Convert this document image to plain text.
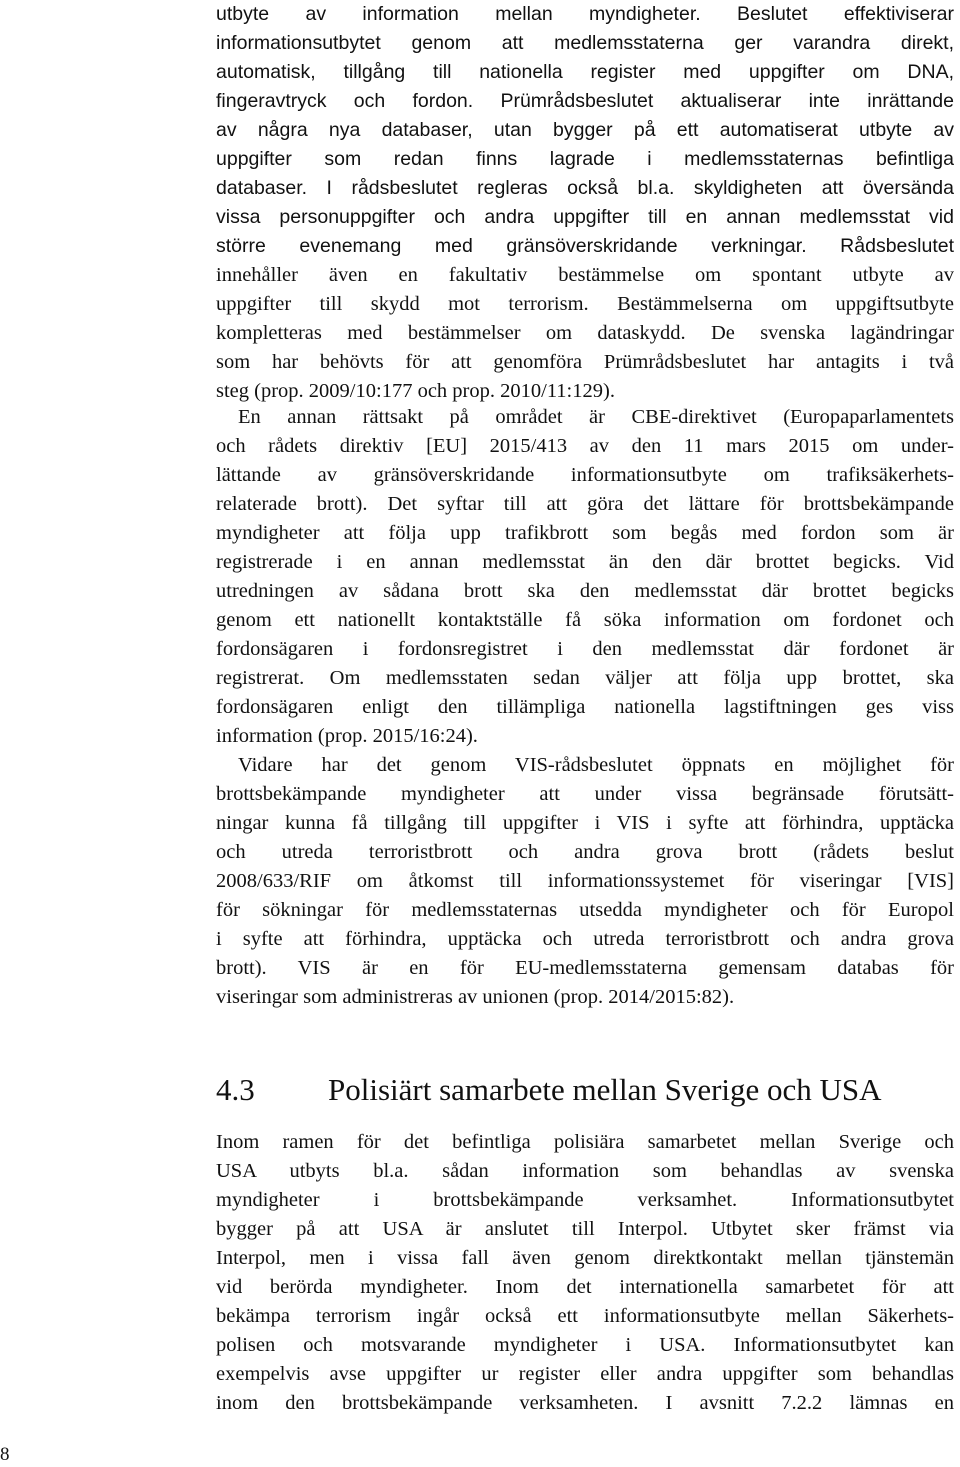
utbyte av information mellan myndigheter. Beslutet effektiviserar
informationsutbytet genom att medlemsstaterna ger varandra direkt,
automatisk, tillgång till nationella register med uppgifter om DNA,
fingeravtryck och fordon. Prümrådsbeslutet aktualiserar inte inrättande
av några nya databaser, utan bygger på ett automatiserat utbyte av
uppgifter som redan finns lagrade i medlemsstaternas befintliga
databaser. I rådsbeslutet regleras också bl.a. skyldigheten att översända
vissa personuppgifter och andra uppgifter till en annan medlemsstat vid
större evenemang med gränsöverskridande verkningar. Rådsbeslutet
innehåller även en fakultativ bestämmelse om spontant utbyte av
uppgifter till skydd mot terrorism. Bestämmelserna om uppgiftsutbyte
kompletteras med bestämmelser om dataskydd. De svenska lagändringar
som har behövts för att genomföra Prümrådsbeslutet har antagits i två
steg (prop. 2009/10:177 och prop. 2010/11:129).
En annan rättsakt på området är CBE-direktivet (Europaparlamentets
och rådets direktiv [EU] 2015/413 av den 11 mars 2015 om under-
lättande av gränsöverskridande informationsutbyte om trafiksäkerhets-
relaterade brott). Det syftar till att göra det lättare för brottsbekämpande
myndigheter att följa upp trafikbrott som begås med fordon som är
registrerade i en annan medlemsstat än den där brottet begicks. Vid
utredningen av sådana brott ska den medlemsstat där brottet begicks
genom ett nationellt kontaktställe få söka information om fordonet och
fordonsägaren i fordonsregistret i den medlemsstat där fordonet är
registrerat. Om medlemsstaten sedan väljer att följa upp brottet, ska
fordonsägaren enligt den tillämpliga nationella lagstiftningen ges viss
information (prop. 2015/16:24).
Vidare har det genom VIS-rådsbeslutet öppnats en möjlighet för
brottsbekämpande myndigheter att under vissa begränsade förutsätt-
ningar kunna få tillgång till uppgifter i VIS i syfte att förhindra, upptäcka
och utreda terroristbrott och andra grova brott (rådets beslut
2008/633/RIF om åtkomst till informationssystemet för viseringar [VIS]
för sökningar för medlemsstaternas utsedda myndigheter och för Europol
i syfte att förhindra, upptäcka och utreda terroristbrott och andra grova
brott). VIS är en för EU-medlemsstaterna gemensam databas för
viseringar som administreras av unionen (prop. 2014/2015:82).
4.3 Polisiärt samarbete mellan Sverige och USA
Inom ramen för det befintliga polisiära samarbetet mellan Sverige och
USA utbyts bl.a. sådan information som behandlas av svenska
myndigheter i brottsbekämpande verksamhet. Informationsutbytet
bygger på att USA är anslutet till Interpol. Utbytet sker främst via
Interpol, men i vissa fall även genom direktkontakt mellan tjänstemän
vid berörda myndigheter. Inom det internationella samarbetet för att
bekämpa terrorism ingår också ett informationsutbyte mellan Säkerhets-
polisen och motsvarande myndigheter i USA. Informationsutbytet kan
exempelvis avse uppgifter ur register eller andra uppgifter som behandlas
inom den brottsbekämpande verksamheten. I avsnitt 7.2.2 lämnas en
8
